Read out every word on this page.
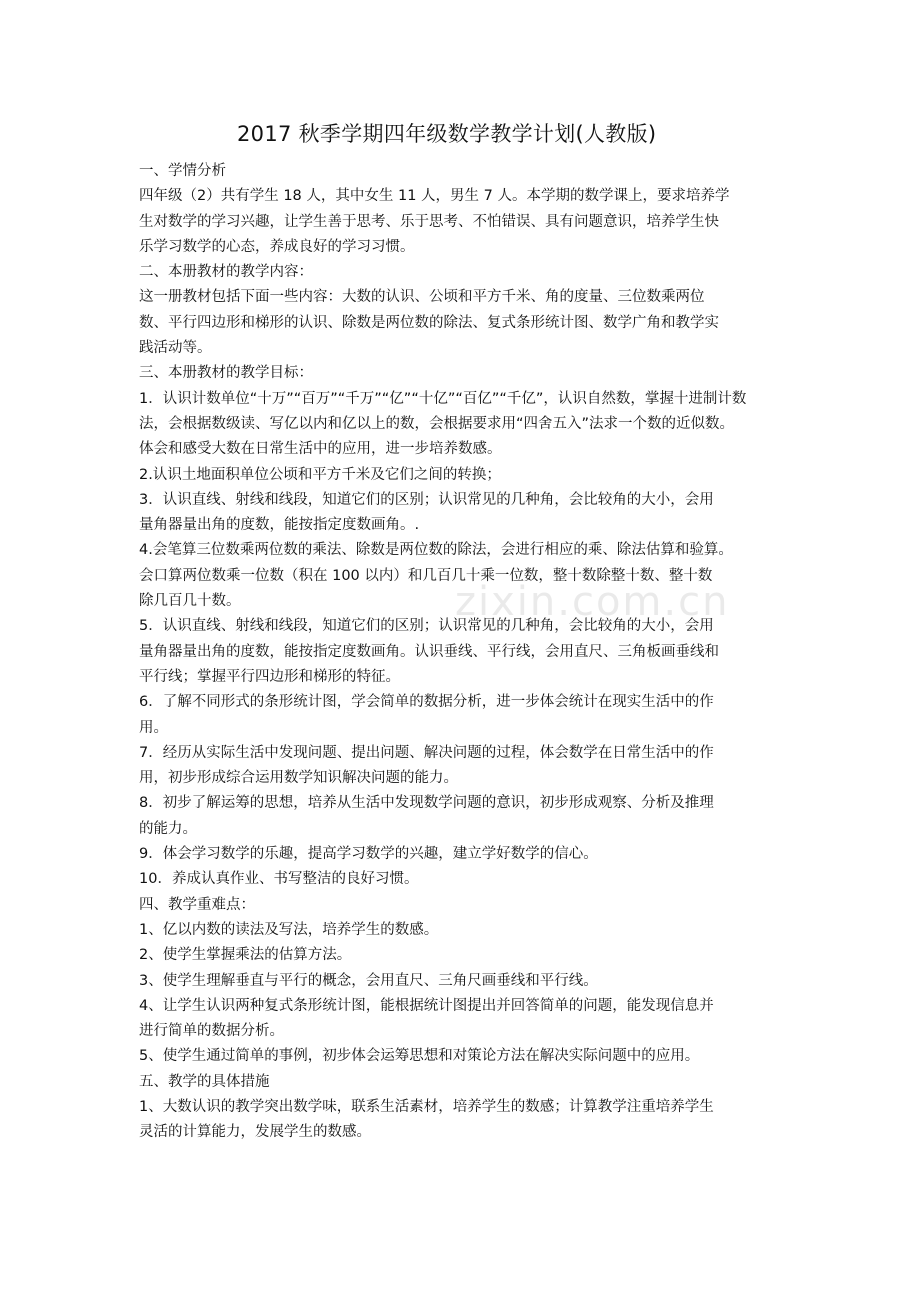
2017 秋季学期四年级数学教学计划(人教版)
一、学情分析
四年级（2）共有学生 18 人，其中女生 11 人，男生 7 人。本学期的数学课上，要求培养学
生对数学的学习兴趣，让学生善于思考、乐于思考、不怕错误、具有问题意识，培养学生快
乐学习数学的心态，养成良好的学习习惯。
二、本册教材的教学内容：
这一册教材包括下面一些内容：大数的认识、公顷和平方千米、角的度量、三位数乘两位
数、平行四边形和梯形的认识、除数是两位数的除法、复式条形统计图、数学广角和教学实
践活动等。
三、本册教材的教学目标：
1．认识计数单位“十万”“百万”“千万”“亿”“十亿”“百亿”“千亿”，认识自然数，掌握十进制计数
法，会根据数级读、写亿以内和亿以上的数，会根据要求用“四舍五入”法求一个数的近似数。
体会和感受大数在日常生活中的应用，进一步培养数感。
2.认识土地面积单位公顷和平方千米及它们之间的转换；
3．认识直线、射线和线段，知道它们的区别；认识常见的几种角，会比较角的大小，会用
量角器量出角的度数，能按指定度数画角。.
4.会笔算三位数乘两位数的乘法、除数是两位数的除法，会进行相应的乘、除法估算和验算。
会口算两位数乘一位数（积在 100 以内）和几百几十乘一位数，整十数除整十数、整十数
除几百几十数。
5．认识直线、射线和线段，知道它们的区别；认识常见的几种角，会比较角的大小，会用
量角器量出角的度数，能按指定度数画角。认识垂线、平行线，会用直尺、三角板画垂线和
平行线；掌握平行四边形和梯形的特征。
6．了解不同形式的条形统计图，学会简单的数据分析，进一步体会统计在现实生活中的作
用。
7．经历从实际生活中发现问题、提出问题、解决问题的过程，体会数学在日常生活中的作
用，初步形成综合运用数学知识解决问题的能力。
8．初步了解运筹的思想，培养从生活中发现数学问题的意识，初步形成观察、分析及推理
的能力。
9．体会学习数学的乐趣，提高学习数学的兴趣，建立学好数学的信心。
10．养成认真作业、书写整洁的良好习惯。
四、教学重难点：
1、亿以内数的读法及写法，培养学生的数感。
2、使学生掌握乘法的估算方法。
3、使学生理解垂直与平行的概念，会用直尺、三角尺画垂线和平行线。
4、让学生认识两种复式条形统计图，能根据统计图提出并回答简单的问题，能发现信息并
进行简单的数据分析。
5、使学生通过简单的事例，初步体会运筹思想和对策论方法在解决实际问题中的应用。
五、教学的具体措施
1、大数认识的教学突出数学味，联系生活素材，培养学生的数感；计算教学注重培养学生
灵活的计算能力，发展学生的数感。
zixin.com.cn
